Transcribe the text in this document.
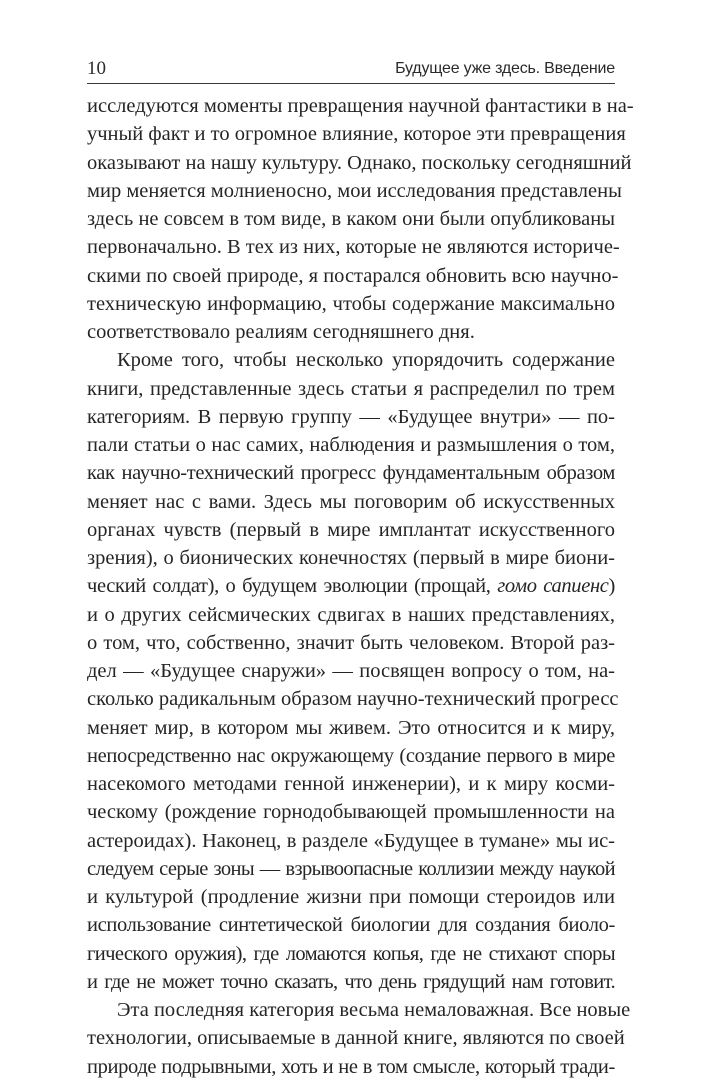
10	Будущее уже здесь. Введение
исследуются моменты превращения научной фантастики в на-
учный факт и то огромное влияние, которое эти превращения
оказывают на нашу культуру. Однако, поскольку сегодняшний
мир меняется молниеносно, мои исследования представлены
здесь не совсем в том виде, в каком они были опубликованы
первоначально. В тех из них, которые не являются историче-
скими по своей природе, я постарался обновить всю научно-
техническую информацию, чтобы содержание максимально
соответствовало реалиям сегодняшнего дня.
Кроме того, чтобы несколько упорядочить содержание
книги, представленные здесь статьи я распределил по трем
категориям. В первую группу — «Будущее внутри» — по-
пали статьи о нас самих, наблюдения и размышления о том,
как научно-технический прогресс фундаментальным образом
меняет нас с вами. Здесь мы поговорим об искусственных
органах чувств (первый в мире имплантат искусственного
зрения), о бионических конечностях (первый в мире биони-
ческий солдат), о будущем эволюции (прощай, гомо сапиенс)
и о других сейсмических сдвигах в наших представлениях,
о том, что, собственно, значит быть человеком. Второй раз-
дел — «Будущее снаружи» — посвящен вопросу о том, на-
сколько радикальным образом научно-технический прогресс
меняет мир, в котором мы живем. Это относится и к миру,
непосредственно нас окружающему (создание первого в мире
насекомого методами генной инженерии), и к миру косми-
ческому (рождение горнодобывающей промышленности на
астероидах). Наконец, в разделе «Будущее в тумане» мы ис-
следуем серые зоны — взрывоопасные коллизии между наукой
и культурой (продление жизни при помощи стероидов или
использование синтетической биологии для создания биоло-
гического оружия), где ломаются копья, где не стихают споры
и где не может точно сказать, что день грядущий нам готовит.
Эта последняя категория весьма немаловажная. Все новые
технологии, описываемые в данной книге, являются по своей
природе подрывными, хоть и не в том смысле, который тради-
